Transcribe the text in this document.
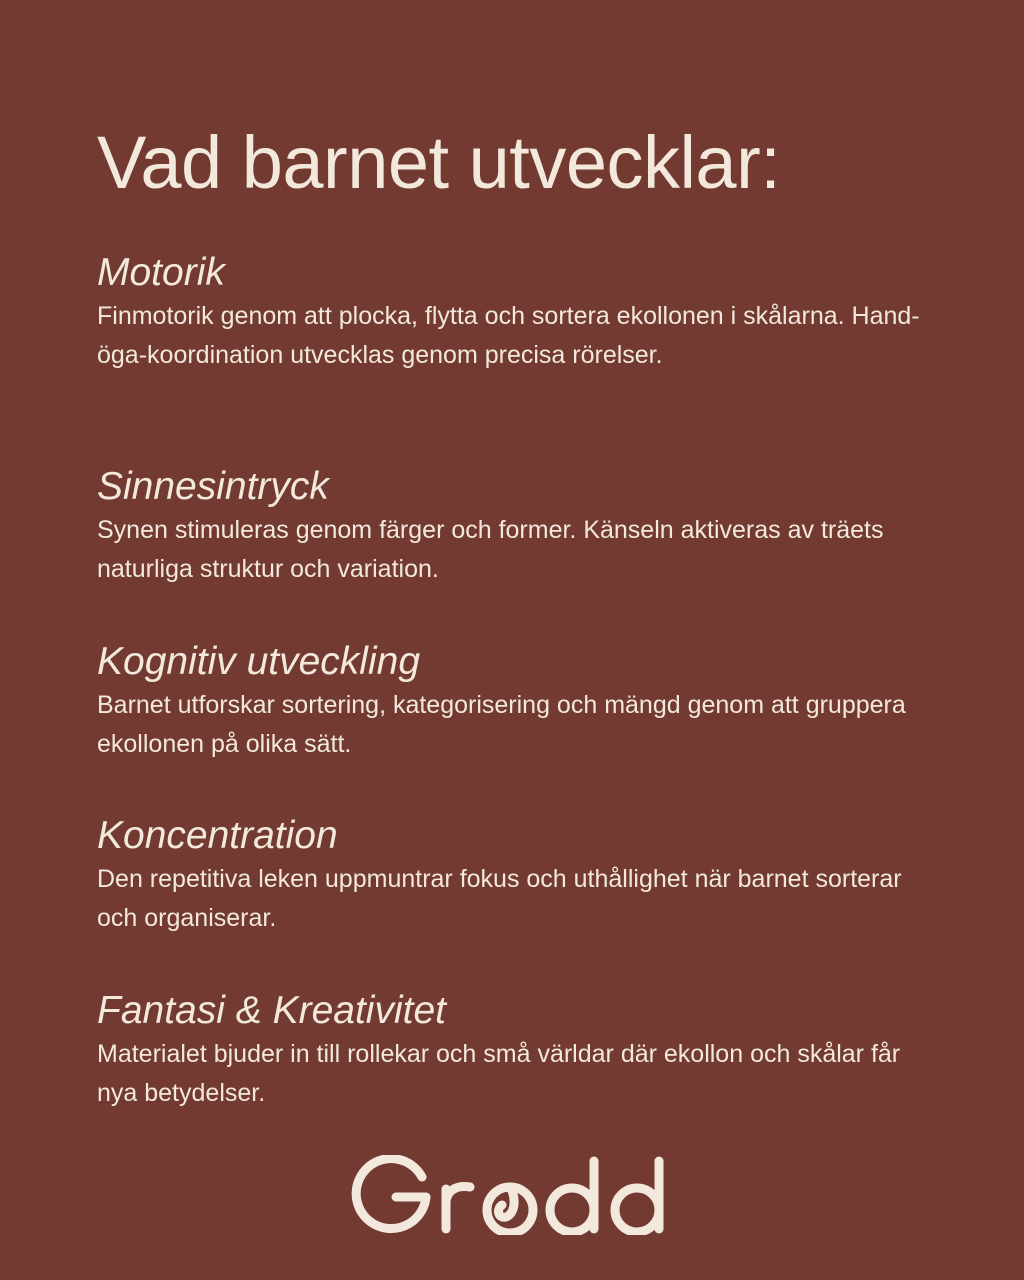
Vad barnet utvecklar:
Motorik

Finmotorik genom att plocka, flytta och sortera ekollonen i skålarna. Hand-öga-koordination utvecklas genom precisa rörelser.

Sinnesintryck

Synen stimuleras genom färger och former. Känseln aktiveras av träets naturliga struktur och variation.

Kognitiv utveckling

Barnet utforskar sortering, kategorisering och mängd genom att gruppera ekollonen på olika sätt.

Koncentration

Den repetitiva leken uppmuntrar fokus och uthållighet när barnet sorterar och organiserar.

Fantasi & Kreativitet

Materialet bjuder in till rollekar och små världar där ekollon och skålar får nya betydelser.
